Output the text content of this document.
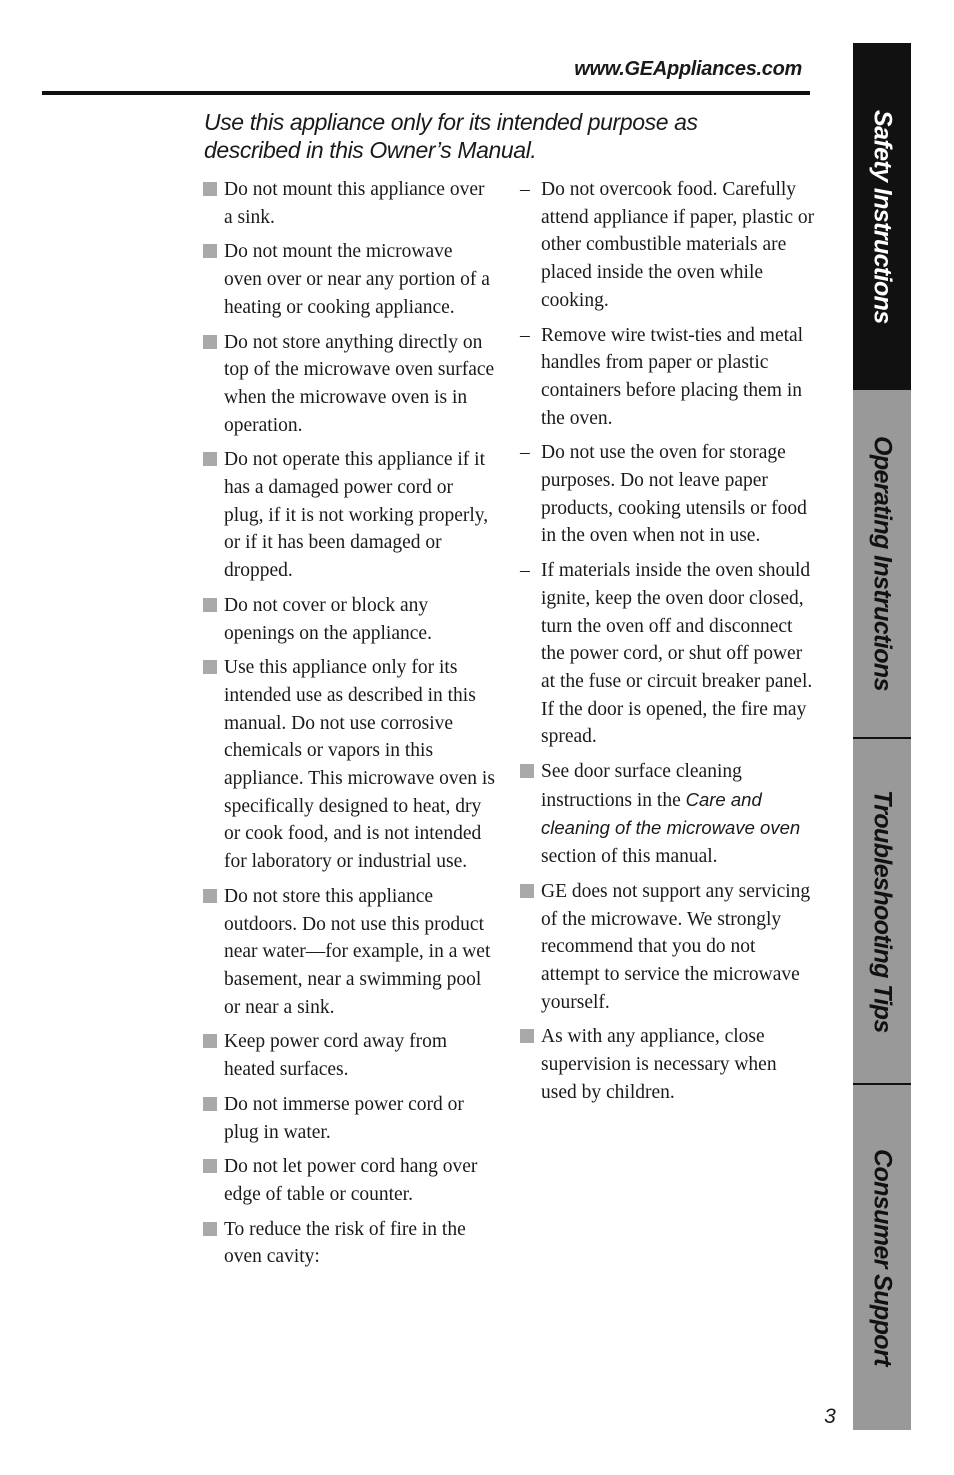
www.GEAppliances.com
Use this appliance only for its intended purpose as
described in this Owner’s Manual.
Do not mount this appliance over a sink.
Do not mount the microwave oven over or near any portion of a heating or cooking appliance.
Do not store anything directly on top of the microwave oven surface when the microwave oven is in operation.
Do not operate this appliance if it has a damaged power cord or plug, if it is not working properly, or if it has been damaged or dropped.
Do not cover or block any openings on the appliance.
Use this appliance only for its intended use as described in this manual. Do not use corrosive chemicals or vapors in this appliance. This microwave oven is specifically designed to heat, dry or cook food, and is not intended for laboratory or industrial use.
Do not store this appliance outdoors. Do not use this product near water—for example, in a wet basement, near a swimming pool or near a sink.
Keep power cord away from heated surfaces.
Do not immerse power cord or plug in water.
Do not let power cord hang over edge of table or counter.
To reduce the risk of fire in the oven cavity:
– Do not overcook food. Carefully attend appliance if paper, plastic or other combustible materials are placed inside the oven while cooking.
– Remove wire twist-ties and metal handles from paper or plastic containers before placing them in the oven.
– Do not use the oven for storage purposes. Do not leave paper products, cooking utensils or food in the oven when not in use.
– If materials inside the oven should ignite, keep the oven door closed, turn the oven off and disconnect the power cord, or shut off power at the fuse or circuit breaker panel. If the door is opened, the fire may spread.
See door surface cleaning instructions in the Care and cleaning of the microwave oven section of this manual.
GE does not support any servicing of the microwave. We strongly recommend that you do not attempt to service the microwave yourself.
As with any appliance, close supervision is necessary when used by children.
Safety Instructions
Operating Instructions
Troubleshooting Tips
Consumer Support
3
